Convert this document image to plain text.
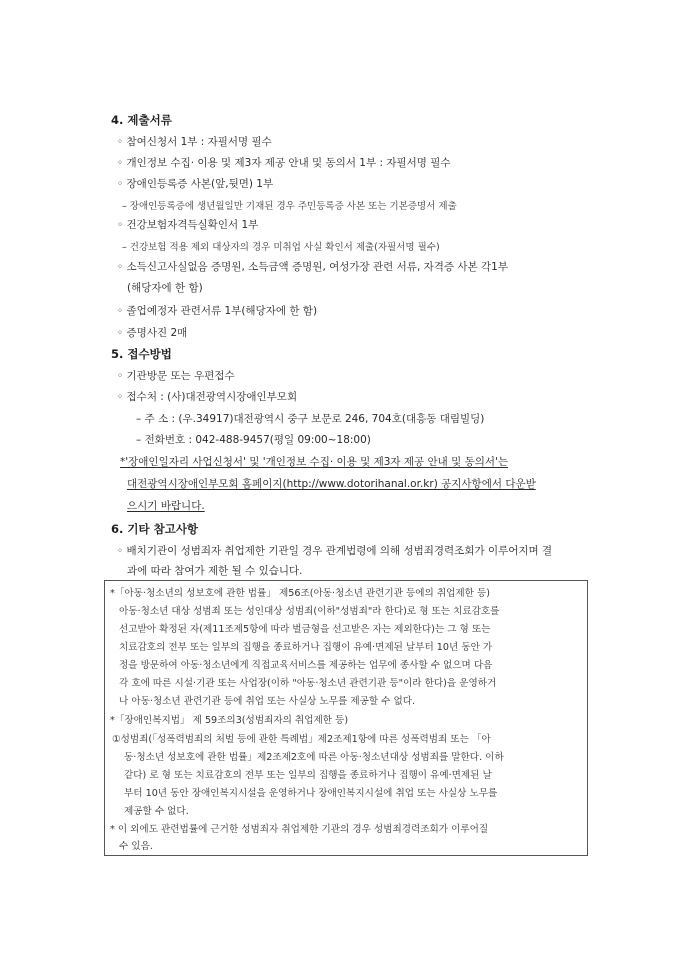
4. 제출서류
◦ 참여신청서 1부 : 자필서명 필수
◦ 개인정보 수집· 이용 및 제3자 제공 안내 및 동의서 1부 : 자필서명 필수
◦ 장애인등록증 사본(앞,뒷면) 1부
– 장애인등록증에 생년월일만 기재된 경우 주민등록증 사본 또는 기본증명서 제출
◦ 건강보험자격득실확인서 1부
– 건강보험 적용 제외 대상자의 경우 미취업 사실 확인서 제출(자필서명 필수)
◦ 소득신고사실없음 증명원, 소득금액 증명원, 여성가장 관련 서류, 자격증 사본 각1부
(해당자에 한 함)
◦ 졸업예정자 관련서류 1부(해당자에 한 함)
◦ 증명사진 2매
5. 접수방법
◦ 기관방문 또는 우편접수
◦ 접수처 : (사)대전광역시장애인부모회
– 주 소 : (우.34917)대전광역시 중구 보문로 246, 704호(대흥동 대림빌딩)
– 전화번호 : 042-488-9457(평일 09:00~18:00)
*'장애인일자리 사업신청서' 및 '개인정보 수집· 이용 및 제3자 제공 안내 및 동의서'는
대전광역시장애인부모회 홈페이지(http://www.dotorihanal.or.kr) 공지사항에서 다운받
으시기 바랍니다.
6. 기타 참고사항
◦ 배치기관이 성범죄자 취업제한 기관일 경우 관계법령에 의해 성범죄경력조회가 이루어지며 결
과에 따라 참여가 제한 될 수 있습니다.
*「아동·청소년의 성보호에 관한 법률」 제56조(아동·청소년 관련기관 등에의 취업제한 등)
아동·청소년 대상 성범죄 또는 성인대상 성범죄(이하"성범죄"라 한다)로 형 또는 치료감호를
선고받아 확정된 자(제11조제5항에 따라 벌금형을 선고받은 자는 제외한다)는 그 형 또는
치료감호의 전부 또는 일부의 집행을 종료하거나 집행이 유예·면제된 날부터 10년 동안 가
정을 방문하여 아동·청소년에게 직접교육서비스를 제공하는 업무에 종사할 수 없으며 다음
각 호에 따른 시설·기관 또는 사업장(이하 "아동·청소년 관련기관 등"이라 한다)을 운영하거
나 아동·청소년 관련기관 등에 취업 또는 사실상 노무를 제공할 수 없다.
*「장애인복지법」 제 59조의3(성범죄자의 취업제한 등)
①성범죄(「성폭력범죄의 처벌 등에 관한 특례법」제2조제1항에 따른 성폭력범죄 또는 「아
동·청소년 성보호에 관한 법률」제2조제2호에 따른 아동·청소년대상 성범죄를 말한다. 이하
같다) 로 형 또는 치료감호의 전부 또는 일부의 집행을 종료하거나 집행이 유예·면제된 날
부터 10년 동안 장애인복지시설을 운영하거나 장애인복지시설에 취업 또는 사실상 노무를
제공할 수 없다.
* 이 외에도 관련법률에 근거한 성범죄자 취업제한 기관의 경우 성범죄경력조회가 이루어질
수 있음.
